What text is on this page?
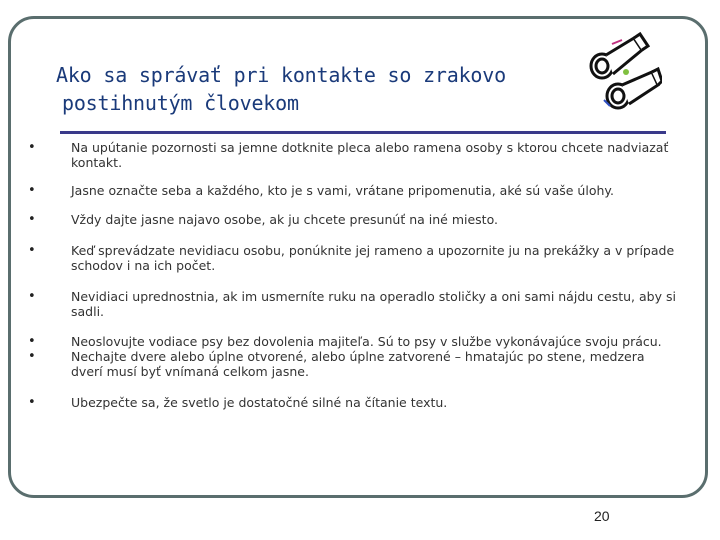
Ako sa správať pri kontakte so zrakovo
postihnutým človekom
•	Na upútanie pozornosti sa jemne dotknite pleca alebo ramena osoby s ktorou chcete nadviazať kontakt.
•	Jasne označte seba a každého, kto je s vami, vrátane pripomenutia, aké sú vaše úlohy.
•	Vždy dajte jasne najavo osobe, ak ju chcete presunúť na iné miesto.
•	Keď sprevádzate nevidiacu osobu, ponúknite jej rameno a upozornite ju na prekážky a v prípade schodov i na ich počet.
•	Nevidiaci uprednostnia, ak im usmerníte ruku na operadlo stoličky a oni sami nájdu cestu, aby si sadli.
•	Neoslovujte vodiace psy bez dovolenia majiteľa. Sú to psy v službe vykonávajúce svoju prácu.
•	Nechajte dvere alebo úplne otvorené, alebo úplne zatvorené – hmatajúc po stene, medzera dverí musí byť vnímaná celkom jasne.
•	Ubezpečte sa, že svetlo je dostatočné silné na čítanie textu.
20
